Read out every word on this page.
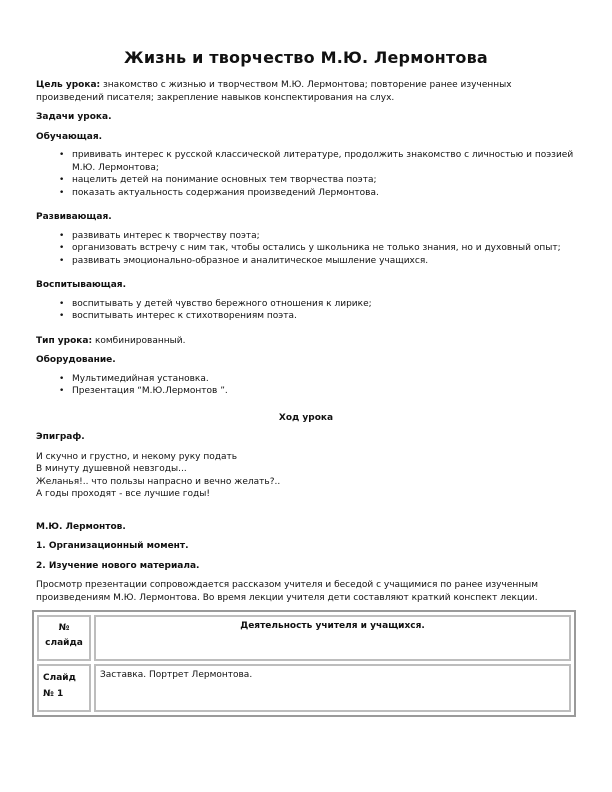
Жизнь и творчество М.Ю. Лермонтова

Цель урока: знакомство с жизнью и творчеством М.Ю. Лермонтова; повторение ранее изученных произведений писателя; закрепление навыков конспектирования на слух.

Задачи урока.

Обучающая.

• прививать интерес к русской классической литературе, продолжить знакомство с личностью и поэзией М.Ю. Лермонтова;
• нацелить детей на понимание основных тем творчества поэта;
• показать актуальность содержания произведений Лермонтова.

Развивающая.

• развивать интерес к творчеству поэта;
• организовать встречу с ним так, чтобы остались у школьника не только знания, но и духовный опыт;
• развивать эмоционально-образное и аналитическое мышление учащихся.

Воспитывающая.

• воспитывать у детей чувство бережного отношения к лирике;
• воспитывать интерес к стихотворениям поэта.

Тип урока: комбинированный.

Оборудование.

• Мультимедийная установка.
• Презентация “М.Ю.Лермонтов ”.

Ход урока

Эпиграф.

И скучно и грустно, и некому руку подать

В минуту душевной невзгоды...

Желанья!.. что пользы напрасно и вечно желать?..

А годы проходят - все лучшие годы!

М.Ю. Лермонтов.

1. Организационный момент.

2. Изучение нового материала.

Просмотр презентации сопровождается рассказом учителя и беседой с учащимися по ранее изученным произведениям М.Ю. Лермонтова. Во время лекции учителя дети составляют краткий конспект лекции.

№
слайда	Деятельность учителя и учащихся.
Слайд
№ 1	Заставка. Портрет Лермонтова.
